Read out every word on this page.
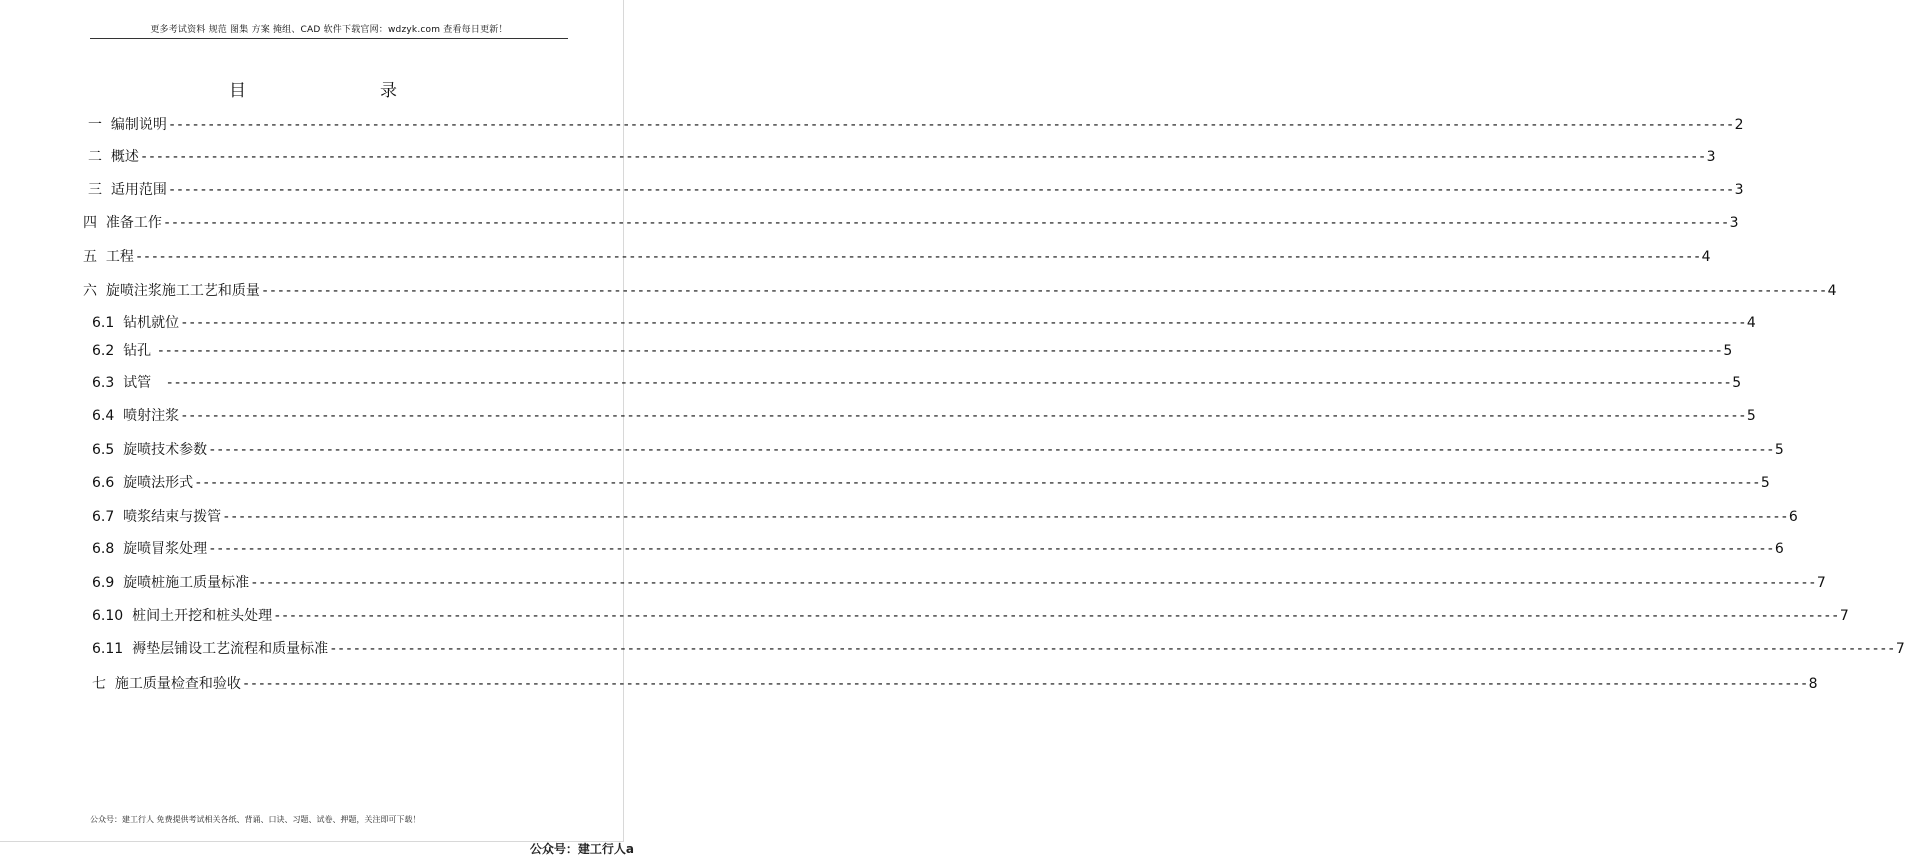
更多考试资料 规范 图集 方案 掩组、CAD 软件下载官网：wdzyk.com 查看每日更新！
目	录
一  编制说明 -------------------------------------------------------------------------------------------------------------------------------------------------------------------------------------------------------- 2
二  概述 -------------------------------------------------------------------------------------------------------------------------------------------------------------------------------------------------------- 3
三  适用范围 -------------------------------------------------------------------------------------------------------------------------------------------------------------------------------------------------------- 3
四  准备工作 -------------------------------------------------------------------------------------------------------------------------------------------------------------------------------------------------------- 3
五  工程 -------------------------------------------------------------------------------------------------------------------------------------------------------------------------------------------------------- 4
六  旋喷注浆施工工艺和质量 -------------------------------------------------------------------------------------------------------------------------------------------------------------------------------------------------------- 4
6.1  钻机就位 -------------------------------------------------------------------------------------------------------------------------------------------------------------------------------------------------------- 4
6.2  钻孔 -------------------------------------------------------------------------------------------------------------------------------------------------------------------------------------------------------- 5
6.3  试管 -------------------------------------------------------------------------------------------------------------------------------------------------------------------------------------------------------- 5
6.4  喷射注浆 -------------------------------------------------------------------------------------------------------------------------------------------------------------------------------------------------------- 5
6.5  旋喷技术参数 -------------------------------------------------------------------------------------------------------------------------------------------------------------------------------------------------------- 5
6.6  旋喷法形式 -------------------------------------------------------------------------------------------------------------------------------------------------------------------------------------------------------- 5
6.7  喷浆结束与拨管 -------------------------------------------------------------------------------------------------------------------------------------------------------------------------------------------------------- 6
6.8  旋喷冒浆处理 -------------------------------------------------------------------------------------------------------------------------------------------------------------------------------------------------------- 6
6.9  旋喷桩施工质量标准 -------------------------------------------------------------------------------------------------------------------------------------------------------------------------------------------------------- 7
6.10  桩间土开挖和桩头处理 -------------------------------------------------------------------------------------------------------------------------------------------------------------------------------------------------------- 7
6.11  褥垫层铺设工艺流程和质量标准 -------------------------------------------------------------------------------------------------------------------------------------------------------------------------------------------------------- 7
七  施工质量检查和验收 -------------------------------------------------------------------------------------------------------------------------------------------------------------------------------------------------------- 8
公众号：建工行人 免费提供考试相关各纸、背诵、口诀、习题、试卷、押题，关注即可下载！
公众号：建工行人a
